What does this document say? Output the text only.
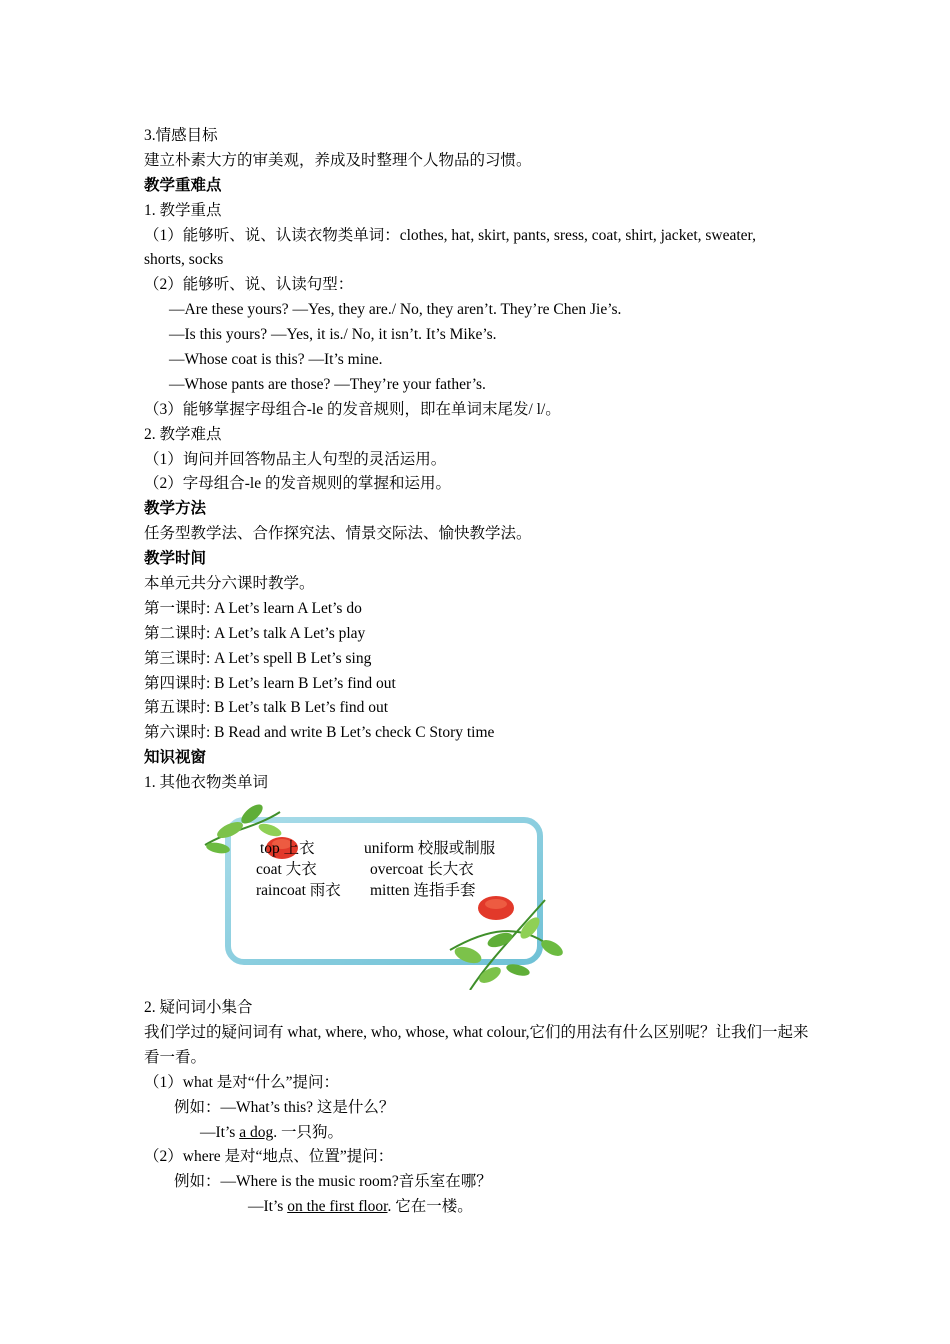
3.情感目标
建立朴素大方的审美观，养成及时整理个人物品的习惯。
教学重难点
1. 教学重点
（1）能够听、说、认读衣物类单词：clothes, hat, skirt, pants, sress, coat, shirt, jacket, sweater,
shorts, socks
（2）能够听、说、认读句型：
—Are these yours? —Yes, they are./ No, they aren’t. They’re Chen Jie’s.
—Is this yours? —Yes, it is./ No, it isn’t. It’s Mike’s.
—Whose coat is this? —It’s mine.
—Whose pants are those? —They’re your father’s.
（3）能够掌握字母组合-le 的发音规则，即在单词末尾发/ l/。
2. 教学难点
（1）询问并回答物品主人句型的灵活运用。
（2）字母组合-le 的发音规则的掌握和运用。
教学方法
任务型教学法、合作探究法、情景交际法、愉快教学法。
教学时间
本单元共分六课时教学。
第一课时: A Let’s learn A Let’s do
第二课时: A Let’s talk A Let’s play
第三课时: A Let’s spell B Let’s sing
第四课时: B Let’s learn B Let’s find out
第五课时: B Let’s talk B Let’s find out
第六课时: B Read and write B Let’s check C Story time
知识视窗
1. 其他衣物类单词
top 上衣	uniform 校服或制服
coat 大衣	overcoat 长大衣
raincoat 雨衣 mitten 连指手套
2. 疑问词小集合
我们学过的疑问词有 what, where, who, whose, what colour,它们的用法有什么区别呢？让我们一起来看一看。
（1）what 是对“什么”提问：
例如：—What’s this? 这是什么？
—It’s a dog. 一只狗。
（2）where 是对“地点、位置”提问：
例如：—Where is the music room?音乐室在哪？
—It’s on the first floor. 它在一楼。
